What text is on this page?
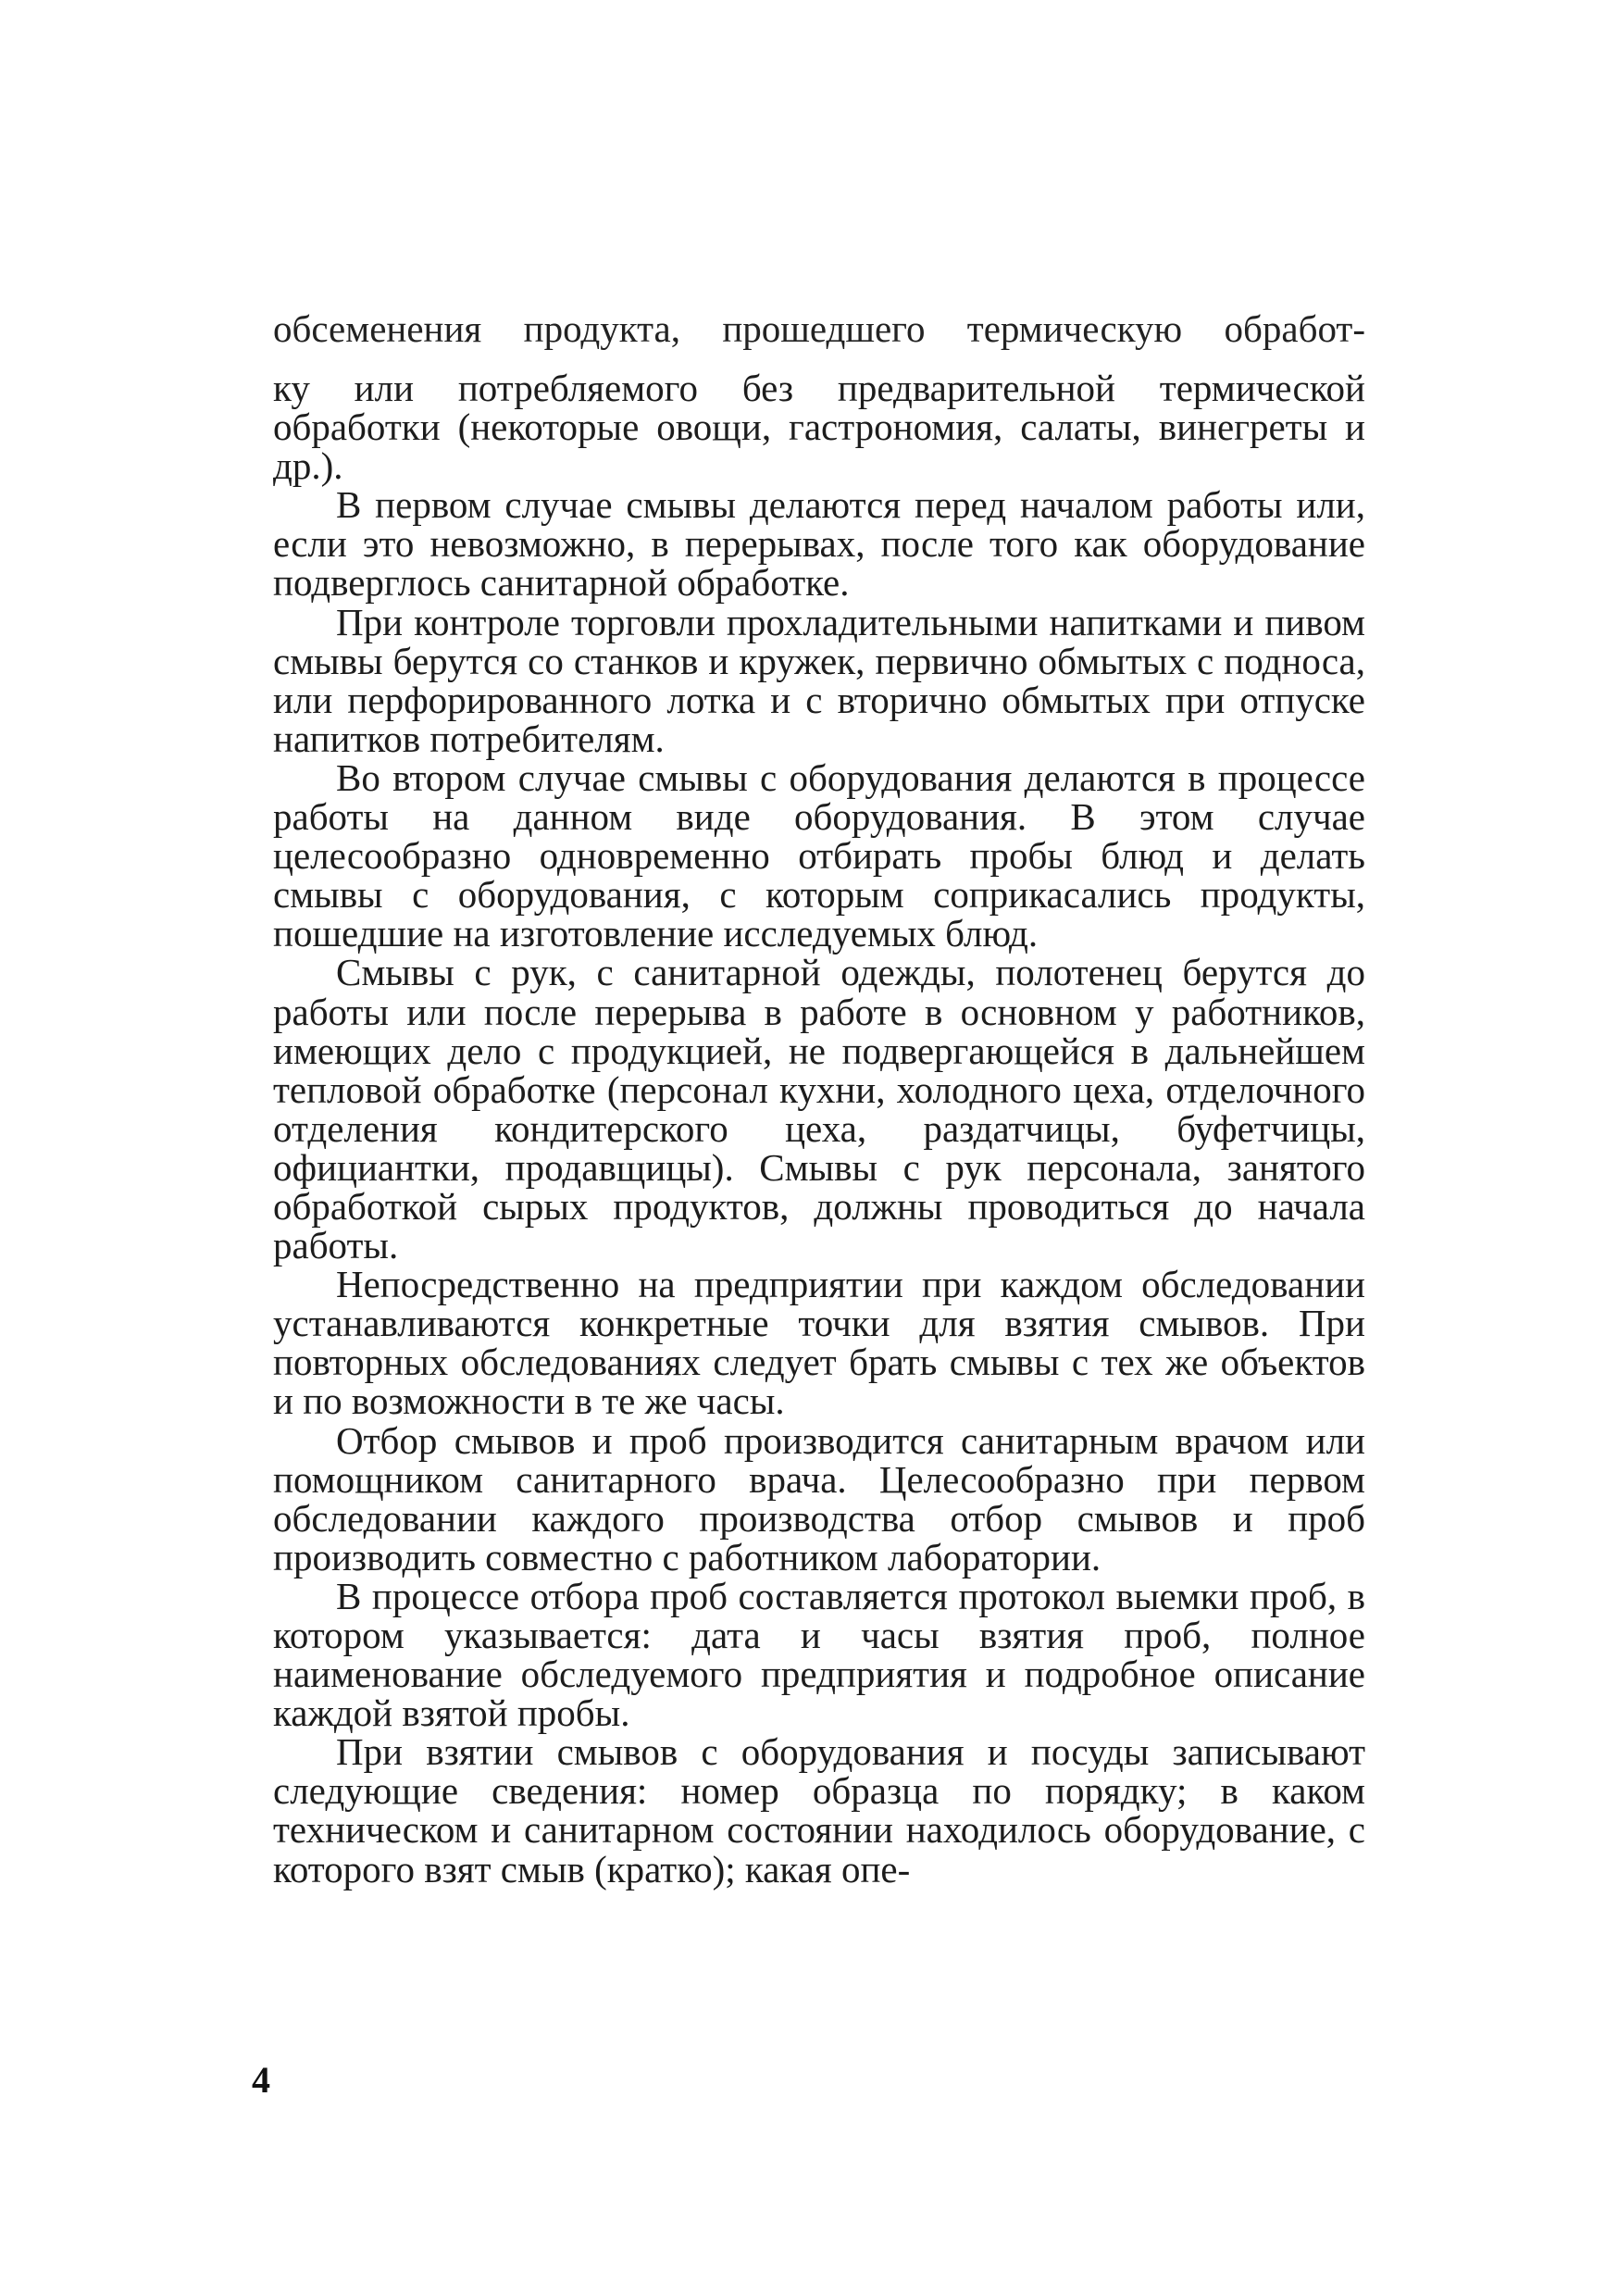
обсеменения продукта, прошедшего термическую обработ-

ку или потребляемого без предварительной термической обработки (некоторые овощи, гастрономия, салаты, винегреты и др.).

В первом случае смывы делаются перед началом работы или, если это невозможно, в перерывах, после того как оборудование подверглось санитарной обработке.

При контроле торговли прохладительными напитками и пивом смывы берутся со станков и кружек, первично обмытых с подноса, или перфорированного лотка и с вторично обмытых при отпуске напитков потребителям.

Во втором случае смывы с оборудования делаются в процессе работы на данном виде оборудования. В этом случае целесообразно одновременно отбирать пробы блюд и делать смывы с оборудования, с которым соприкасались продукты, пошедшие на изготовление исследуемых блюд.

Смывы с рук, с санитарной одежды, полотенец берутся до работы или после перерыва в работе в основном у работников, имеющих дело с продукцией, не подвергающейся в дальнейшем тепловой обработке (персонал кухни, холодного цеха, отделочного отделения кондитерского цеха, раздатчицы, буфетчицы, официантки, продавщицы). Смывы с рук персонала, занятого обработкой сырых продуктов, должны проводиться до начала работы.

Непосредственно на предприятии при каждом обследовании устанавливаются конкретные точки для взятия смывов. При повторных обследованиях следует брать смывы с тех же объектов и по возможности в те же часы.

Отбор смывов и проб производится санитарным врачом или помощником санитарного врача. Целесообразно при первом обследовании каждого производства отбор смывов и проб производить совместно с работником лаборатории.

В процессе отбора проб составляется протокол выемки проб, в котором указывается: дата и часы взятия проб, полное наименование обследуемого предприятия и подробное описание каждой взятой пробы.

При взятии смывов с оборудования и посуды записывают следующие сведения: номер образца по порядку; в каком техническом и санитарном состоянии находилось оборудование, с которого взят смыв (кратко); какая опе-

4
